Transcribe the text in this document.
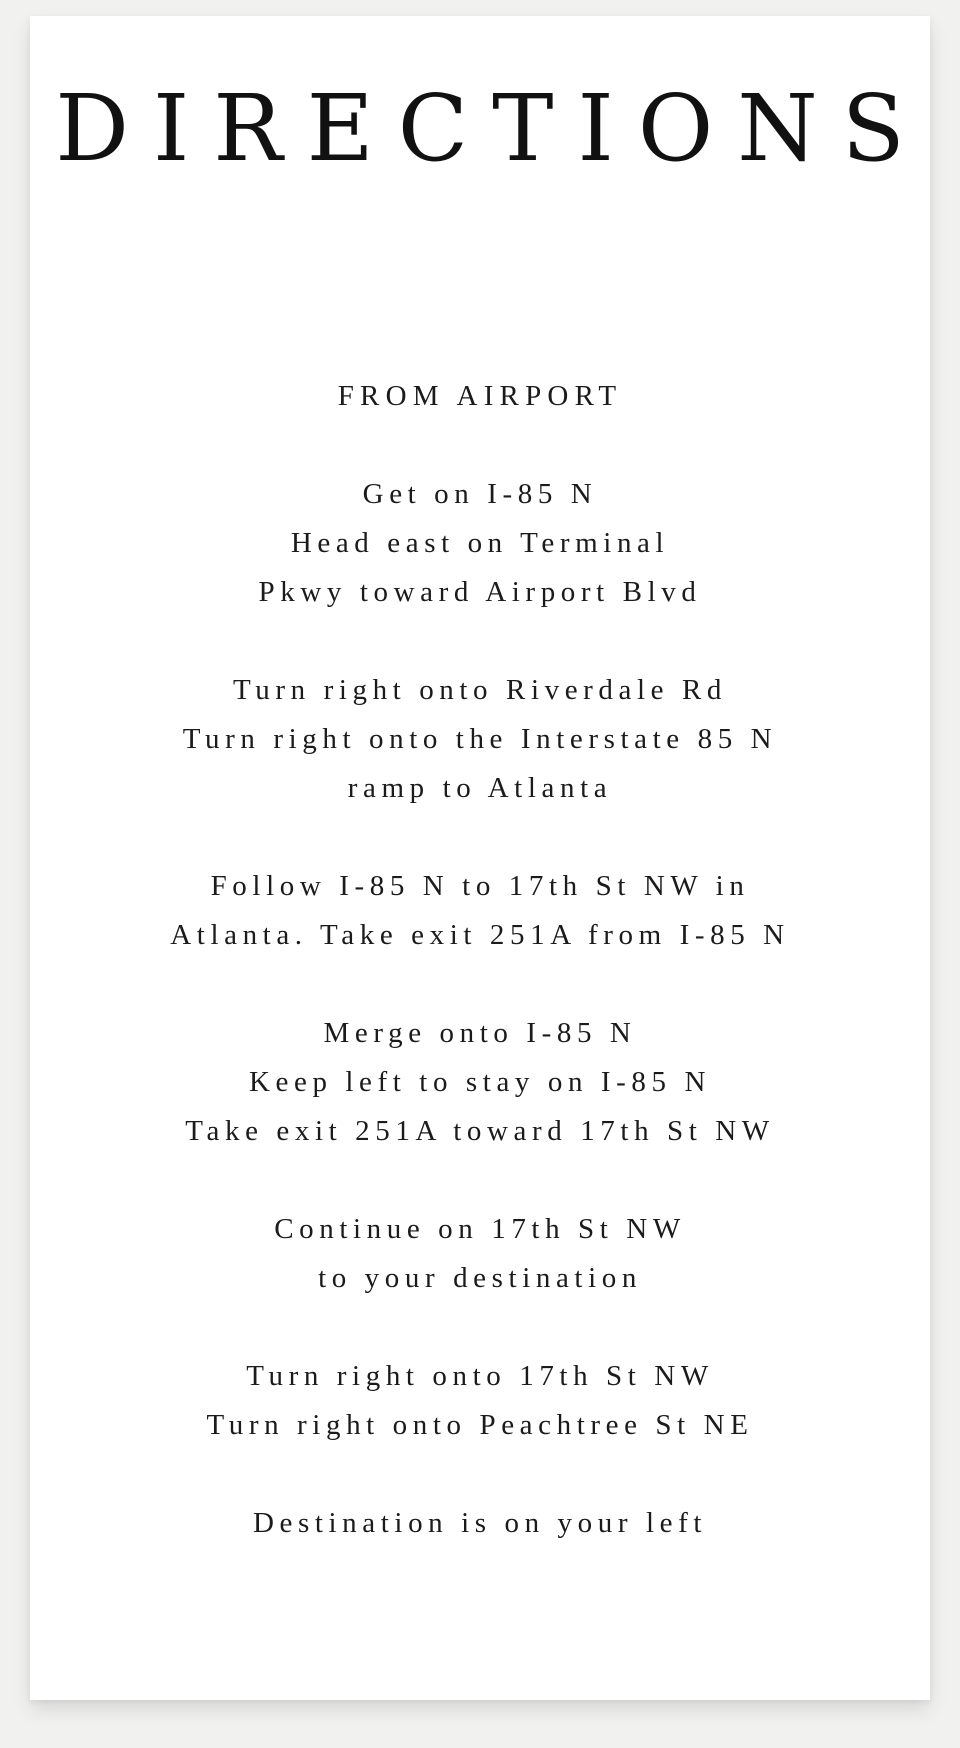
DIRECTIONS
FROM AIRPORT
Get on I-85 N
Head east on Terminal
Pkwy toward Airport Blvd
Turn right onto Riverdale Rd
Turn right onto the Interstate 85 N
ramp to Atlanta
Follow I-85 N to 17th St NW in
Atlanta. Take exit 251A from I-85 N
Merge onto I-85 N
Keep left to stay on I-85 N
Take exit 251A toward 17th St NW
Continue on 17th St NW
to your destination
Turn right onto 17th St NW
Turn right onto Peachtree St NE
Destination is on your left
